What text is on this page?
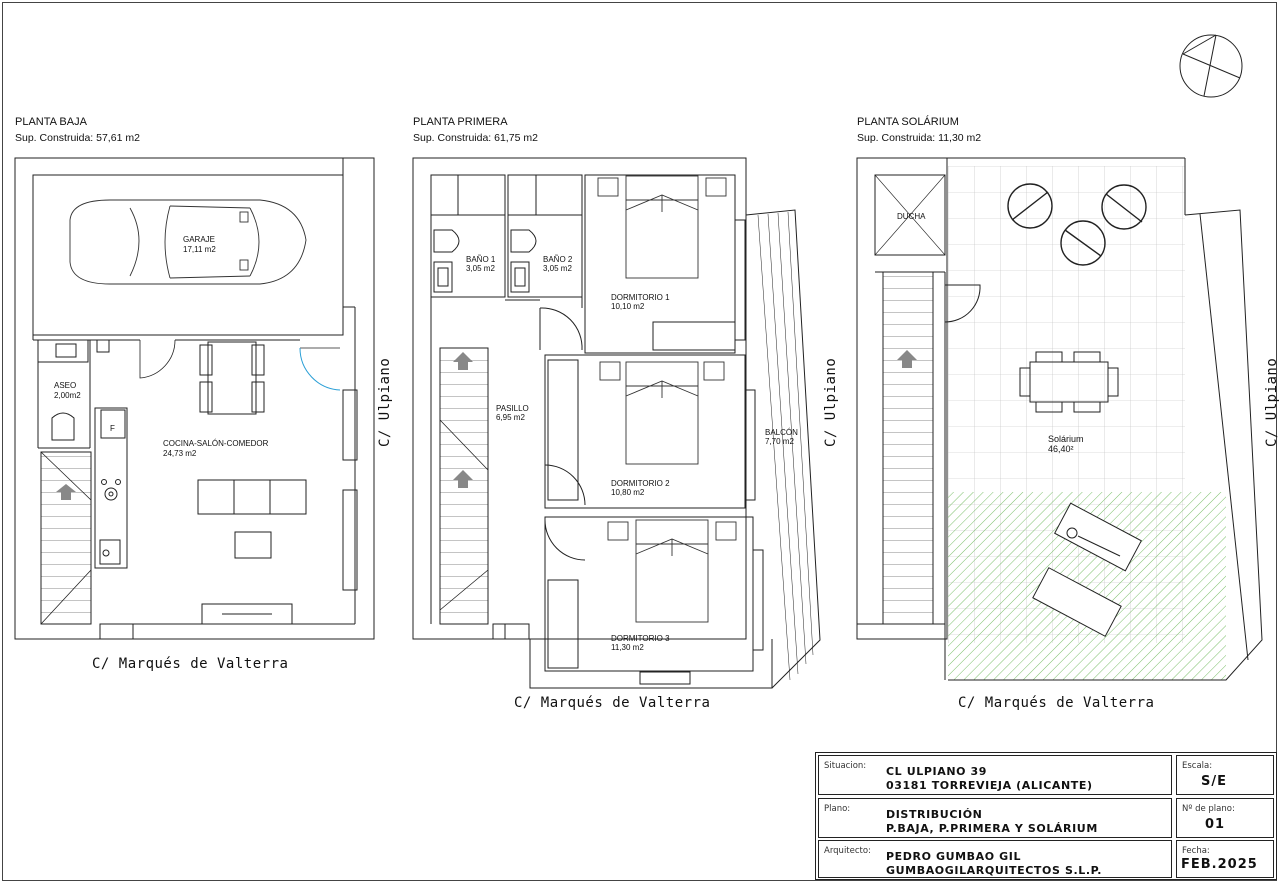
PLANTA BAJA
Sup. Construida: 57,61 m2
PLANTA PRIMERA
Sup. Construida: 61,75 m2
PLANTA SOLÁRIUM
Sup. Construida: 11,30 m2
GARAJE
17,11 m2
ASEO
2,00m2
F
COCINA-SALÓN-COMEDOR
24,73 m2
BAÑO 1
3,05 m2
BAÑO 2
3,05 m2
DORMITORIO 1
10,10 m2
DORMITORIO 2
10,80 m2
DORMITORIO 3
11,30 m2
PASILLO
6,95 m2
BALCÓN
7,70 m2
DUCHA
Solárium
46,40²
C/ Marqués de Valterra
C/ Marqués de Valterra	C/ Marqués de Valterra
C/ Ulpiano	C/ Ulpiano	C/ Ulpiano
Situacion: CL ULPIANO 39
03181 TORREVIEJA (ALICANTE)
Escala:
S/E
Plano:	DISTRIBUCIÓN
P.BAJA, P.PRIMERA Y SOLÁRIUM
Nº de plano:
01
Arquitecto: PEDRO GUMBAO GIL
GUMBAOGILARQUITECTOS S.L.P.
Fecha:
FEB.2025
